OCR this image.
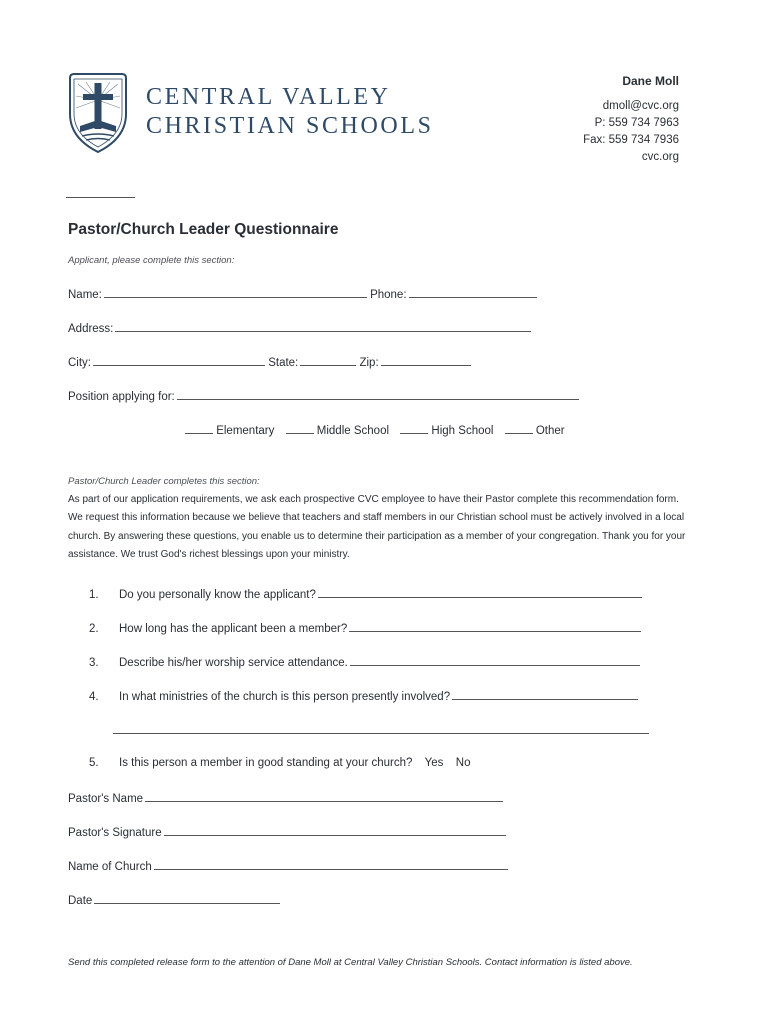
CENTRAL VALLEY
CHRISTIAN SCHOOLS
Dane Moll
dmoll@cvc.org
P: 559 734 7963
Fax: 559 734 7936
cvc.org
Pastor/Church Leader Questionnaire
Applicant, please complete this section:
Name:	Phone:
Address:
City:	State:	Zip:
Position applying for:
Elementary	Middle School	High School	Other
Pastor/Church Leader completes this section:
As part of our application requirements, we ask each prospective CVC employee to have their Pastor complete this recommendation form. We request this information because we believe that teachers and staff members in our Christian school must be actively involved in a local church. By answering these questions, you enable us to determine their participation as a member of your congregation. Thank you for your assistance. We trust God's richest blessings upon your ministry.
1. Do you personally know the applicant?
2. How long has the applicant been a member?
3. Describe his/her worship service attendance.
4. In what ministries of the church is this person presently involved?
5. Is this person a member in good standing at your church? Yes No
Pastor's Name
Pastor's Signature
Name of Church
Date
Send this completed release form to the attention of Dane Moll at Central Valley Christian Schools. Contact information is listed above.
